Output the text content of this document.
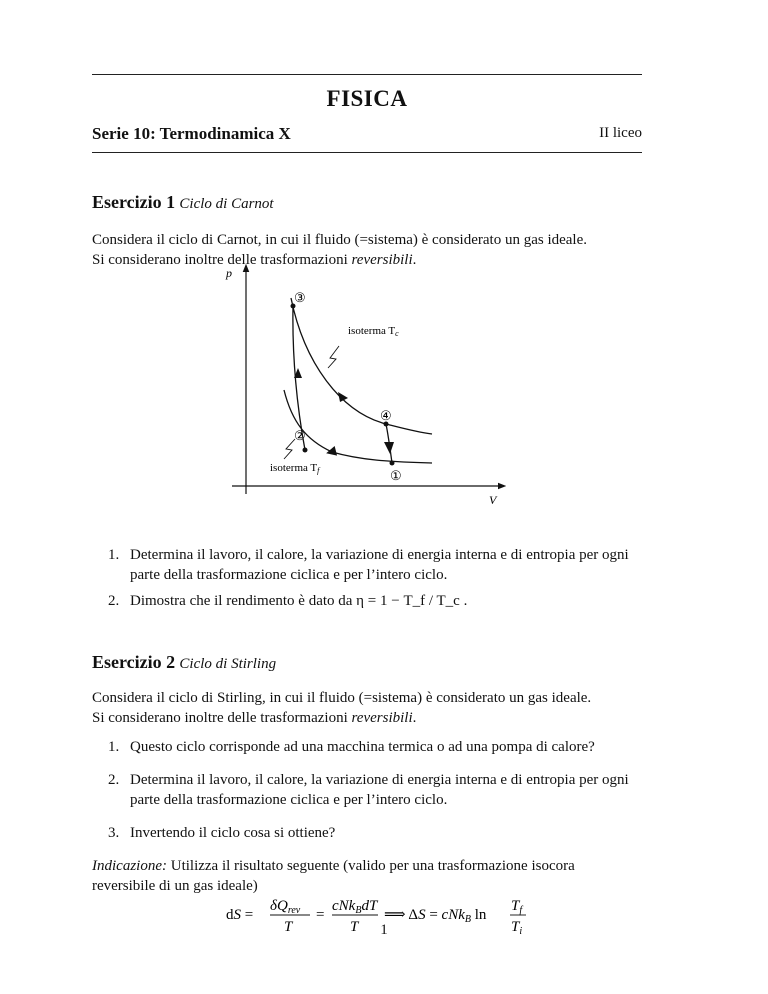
FISICA
Serie 10: Termodinamica X	II liceo
Esercizio 1 Ciclo di Carnot
Considera il ciclo di Carnot, in cui il fluido (=sistema) è considerato un gas ideale.
Si considerano inoltre delle trasformazioni reversibili.
p
V
③
④
②
①
isoterma Tc
isoterma Tf
1. Determina il lavoro, il calore, la variazione di energia interna e di entropia per ogni parte della trasformazione ciclica e per l’intero ciclo.
2. Dimostra che il rendimento è dato da η = 1 − T_f / T_c .
Esercizio 2 Ciclo di Stirling
Considera il ciclo di Stirling, in cui il fluido (=sistema) è considerato un gas ideale.
Si considerano inoltre delle trasformazioni reversibili.
1. Questo ciclo corrisponde ad una macchina termica o ad una pompa di calore?
2. Determina il lavoro, il calore, la variazione di energia interna e di entropia per ogni parte della trasformazione ciclica e per l’intero ciclo.
3. Invertendo il ciclo cosa si ottiene?
Indicazione: Utilizza il risultato seguente (valido per una trasformazione isocora
reversibile di un gas ideale)
dS =
$\delta Q_{rev}$
T
=
cNk$_B$dT
T
⟹ ΔS = cNk$_B$ ln
$T_f$
$T_i$
1
